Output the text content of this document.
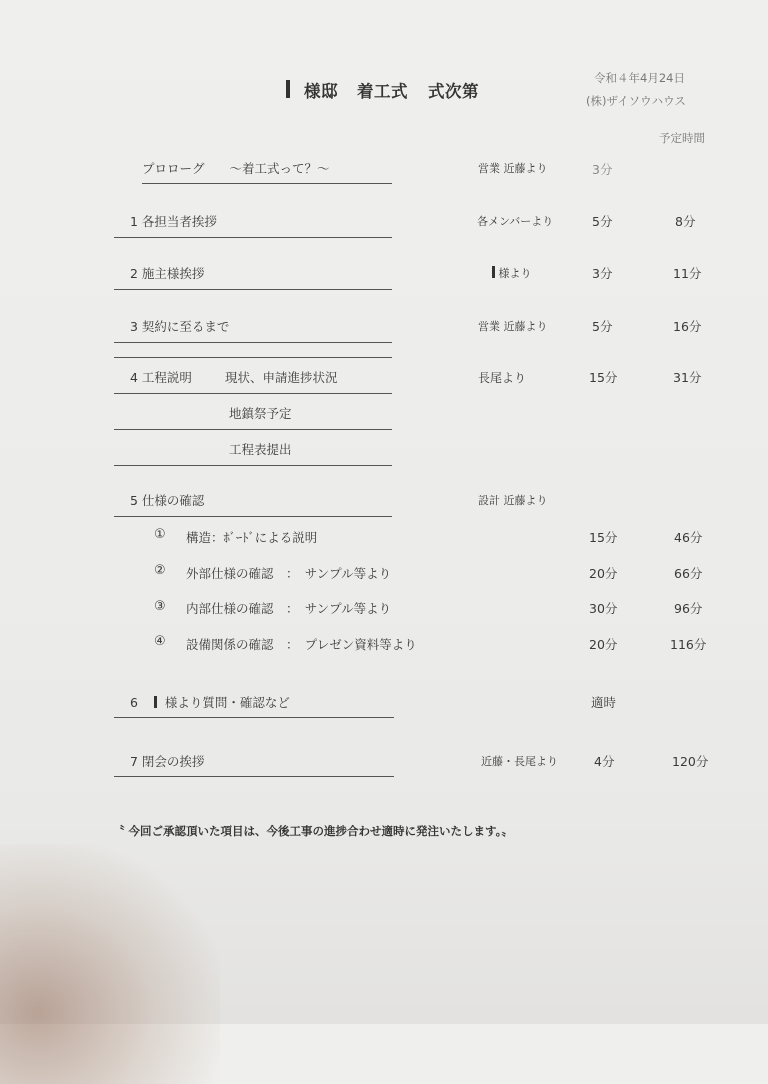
様邸 着工式 式次第
令和４年4月24日
(株)ザイソウハウス
予定時間
プロローグ　　～着工式って？～	営業 近藤より	3分
1 各担当者挨拶	各メンバーより	5分	8分
2 施主様挨拶	様より	3分	11分
3 契約に至るまで	営業 近藤より	5分	16分
4 工程説明	現状、申請進捗状況	長尾より	15分	31分
地鎮祭予定
工程表提出
5 仕様の確認	設計 近藤より
① 構造：ﾎﾞｰﾄﾞによる説明	15分	46分
② 外部仕様の確認　：　サンプル等より	20分	66分
③ 内部仕様の確認　：　サンプル等より	30分	96分
④ 設備関係の確認　：　プレゼン資料等より	20分	116分
6 様より質問・確認など	適時
7 閉会の挨拶	近藤・長尾より	4分	120分
〝 今回ご承認頂いた項目は、今後工事の進捗合わせ適時に発注いたします。〟
